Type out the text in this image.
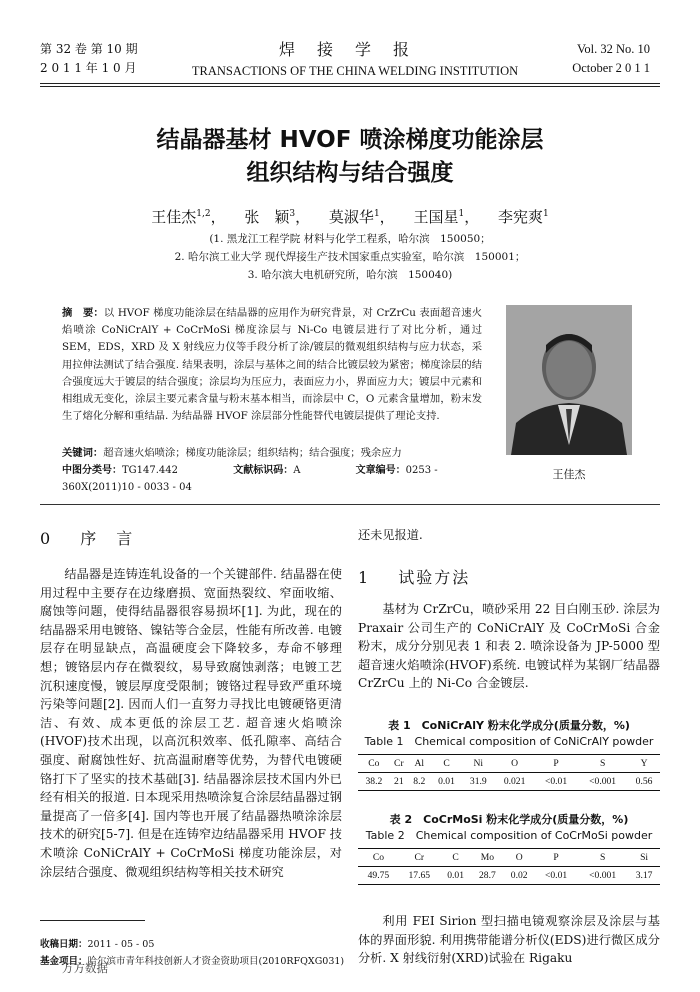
第 32 卷 第 10 期
2 0 1 1 年 1 0 月
焊接学报
TRANSACTIONS OF THE CHINA WELDING INSTITUTION
Vol. 32 No. 10
October 2 0 1 1
结晶器基材 HVOF 喷涂梯度功能涂层
组织结构与结合强度
王佳杰$^{1,2}$， 张　颖$^3$， 莫淑华$^1$， 王国星$^1$， 李宪爽$^1$
(1. 黑龙江工程学院 材料与化学工程系，哈尔滨　150050；
2. 哈尔滨工业大学 现代焊接生产技术国家重点实验室，哈尔滨　150001；
3. 哈尔滨大电机研究所，哈尔滨　150040)
摘　要：以 HVOF 梯度功能涂层在结晶器的应用作为研究背景，对 CrZrCu 表面超音速火焰喷涂 CoNiCrAlY + CoCrMoSi 梯度涂层与 Ni-Co 电镀层进行了对比分析，通过 SEM，EDS，XRD 及 X 射线应力仪等手段分析了涂/镀层的微观组织结构与应力状态，采用拉伸法测试了结合强度. 结果表明，涂层与基体之间的结合比镀层较为紧密；梯度涂层的结合强度远大于镀层的结合强度；涂层均为压应力，表面应力小，界面应力大；镀层中元素和相组成无变化，涂层主要元素含量与粉末基本相当，而涂层中 C，O 元素含量增加，粉末发生了熔化分解和重结晶. 为结晶器 HVOF 涂层部分性能替代电镀层提供了理论支持.
关键词：超音速火焰喷涂；梯度功能涂层；组织结构；结合强度；残余应力
中图分类号：TG147.442	文献标识码：A	文章编号：0253 - 360X(2011)10 - 0033 - 04
王佳杰
0 序　言
结晶器是连铸连轧设备的一个关键部件. 结晶器在使用过程中主要存在边缘磨损、宽面热裂纹、窄面收缩、腐蚀等问题，使得结晶器很容易损坏[1]. 为此，现在的结晶器采用电镀铬、镍钴等合金层，性能有所改善. 电镀层存在明显缺点，高温硬度会下降较多，寿命不够理想；镀铬层内存在微裂纹，易导致腐蚀剥落；电镀工艺沉积速度慢，镀层厚度受限制；镀铬过程导致严重环境污染等问题[2]. 因而人们一直努力寻找比电镀硬铬更清洁、有效、成本更低的涂层工艺. 超音速火焰喷涂(HVOF)技术出现，以高沉积效率、低孔隙率、高结合强度、耐腐蚀性好、抗高温耐磨等优势，为替代电镀硬铬打下了坚实的技术基础[3]. 结晶器涂层技术国内外已经有相关的报道. 日本现采用热喷涂复合涂层结晶器过钢量提高了一倍多[4]. 国内等也开展了结晶器热喷涂涂层技术的研究[5-7]. 但是在连铸窄边结晶器采用 HVOF 技术喷涂 CoNiCrAlY + CoCrMoSi 梯度功能涂层，对涂层结合强度、微观组织结构等相关技术研究
还未见报道.
1 试验方法
基材为 CrZrCu，喷砂采用 22 目白刚玉砂. 涂层为 Praxair 公司生产的 CoNiCrAlY 及 CoCrMoSi 合金粉末，成分分别见表 1 和表 2. 喷涂设备为 JP-5000 型超音速火焰喷涂(HVOF)系统. 电镀试样为某钢厂结晶器 CrZrCu 上的 Ni-Co 合金镀层.
表 1　CoNiCrAlY 粉末化学成分(质量分数，%)
Table 1　Chemical composition of CoNiCrAlY powder
Co	Cr	Al	C	Ni	O	P	S	Y
38.2	21	8.2	0.01	31.9	0.021	<0.01	<0.001	0.56
表 2　CoCrMoSi 粉末化学成分(质量分数，%)
Table 2　Chemical composition of CoCrMoSi powder
Co	Cr	C	Mo	O	P	S	Si
49.75	17.65	0.01	28.7	0.02	<0.01	<0.001	3.17
利用 FEI Sirion 型扫描电镜观察涂层及涂层与基体的界面形貌. 利用携带能谱分析仪(EDS)进行微区成分分析. X 射线衍射(XRD)试验在 Rigaku
收稿日期：2011 - 05 - 05
基金项目：哈尔滨市青年科技创新人才资金资助项目(2010RFQXG031)
万方数据
